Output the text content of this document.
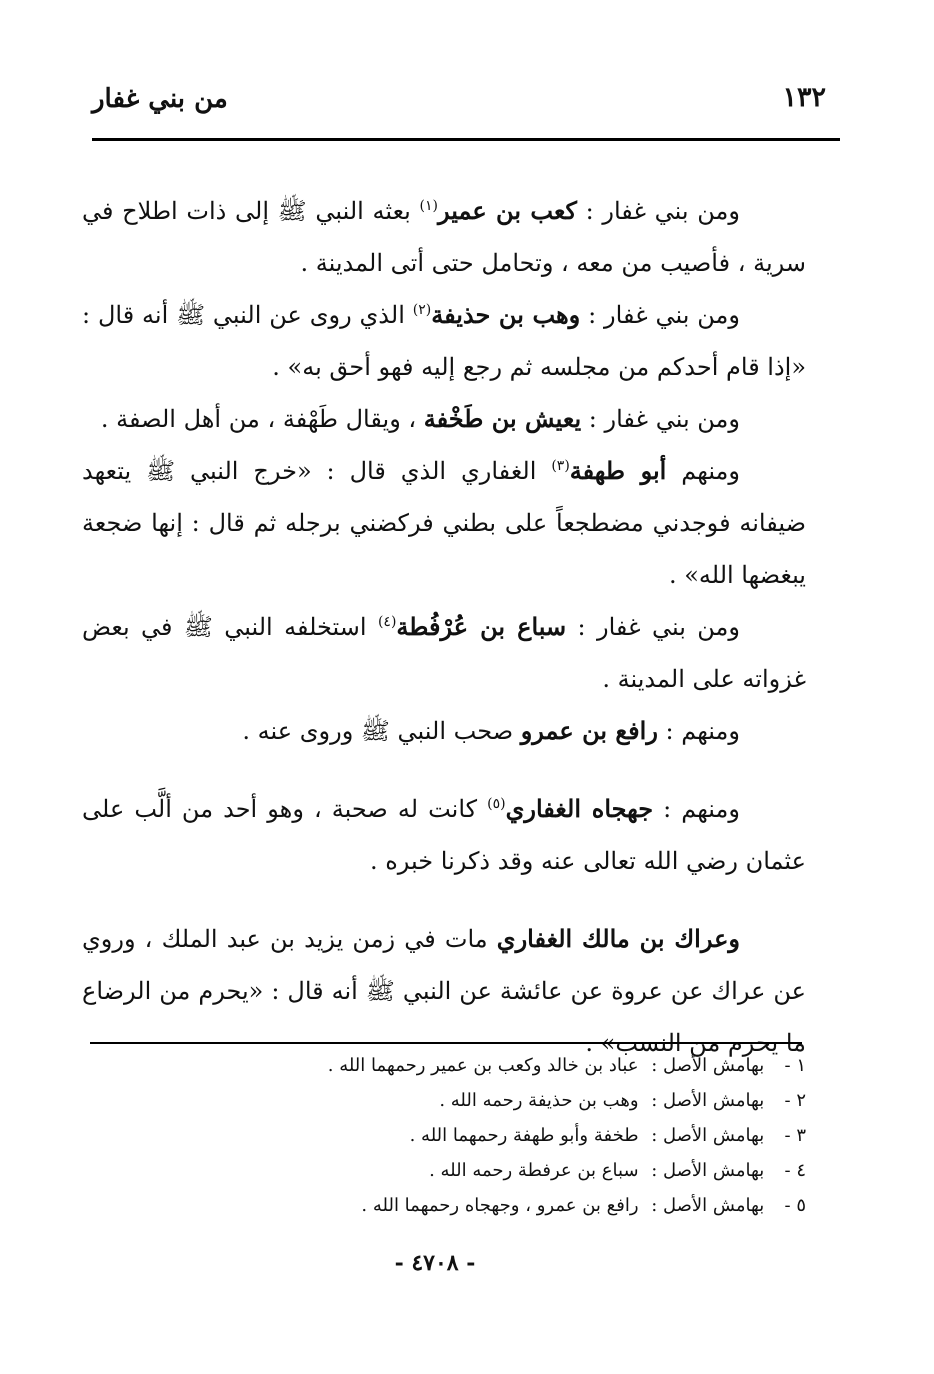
١٣٢
من بني غفار

ومن بني غفار : كعب بن عمير$^{(١)}$ بعثه النبي ﷺ إلى ذات اطلاح في سرية ، فأصيب من معه ، وتحامل حتى أتى المدينة .

ومن بني غفار : وهب بن حذيفة$^{(٢)}$ الذي روى عن النبي ﷺ أنه قال : «إذا قام أحدكم من مجلسه ثم رجع إليه فهو أحق به» .

ومن بني غفار : يعيش بن طَخْفة ، ويقال طَهْفة ، من أهل الصفة .

ومنهم أبو طهفة$^{(٣)}$ الغفاري الذي قال : «خرج النبي ﷺ يتعهد ضيفانه فوجدني مضطجعاً على بطني فركضني برجله ثم قال : إنها ضجعة يبغضها الله» .

ومن بني غفار : سباع بن عُرْفُطة$^{(٤)}$ استخلفه النبي ﷺ في بعض غزواته على المدينة .

ومنهم : رافع بن عمرو صحب النبي ﷺ وروى عنه .

ومنهم : جهجاه الغفاري$^{(٥)}$ كانت له صحبة ، وهو أحد من ألَّب على عثمان رضي الله تعالى عنه وقد ذكرنا خبره .

وعراك بن مالك الغفاري مات في زمن يزيد بن عبد الملك ، وروي عن عراك عن عروة عن عائشة عن النبي ﷺ أنه قال : «يحرم من الرضاع ما يحرم من النسب» .

١ - بهامش الأصل : عباد بن خالد وكعب بن عمير رحمهما الله .

٢ - بهامش الأصل : وهب بن حذيفة رحمه الله .

٣ - بهامش الأصل : طخفة وأبو طهفة رحمهما الله .

٤ - بهامش الأصل : سباع بن عرفطة رحمه الله .

٥ - بهامش الأصل : رافع بن عمرو ، وجهجاه رحمهما الله .

- ٤٧٠٨ -
